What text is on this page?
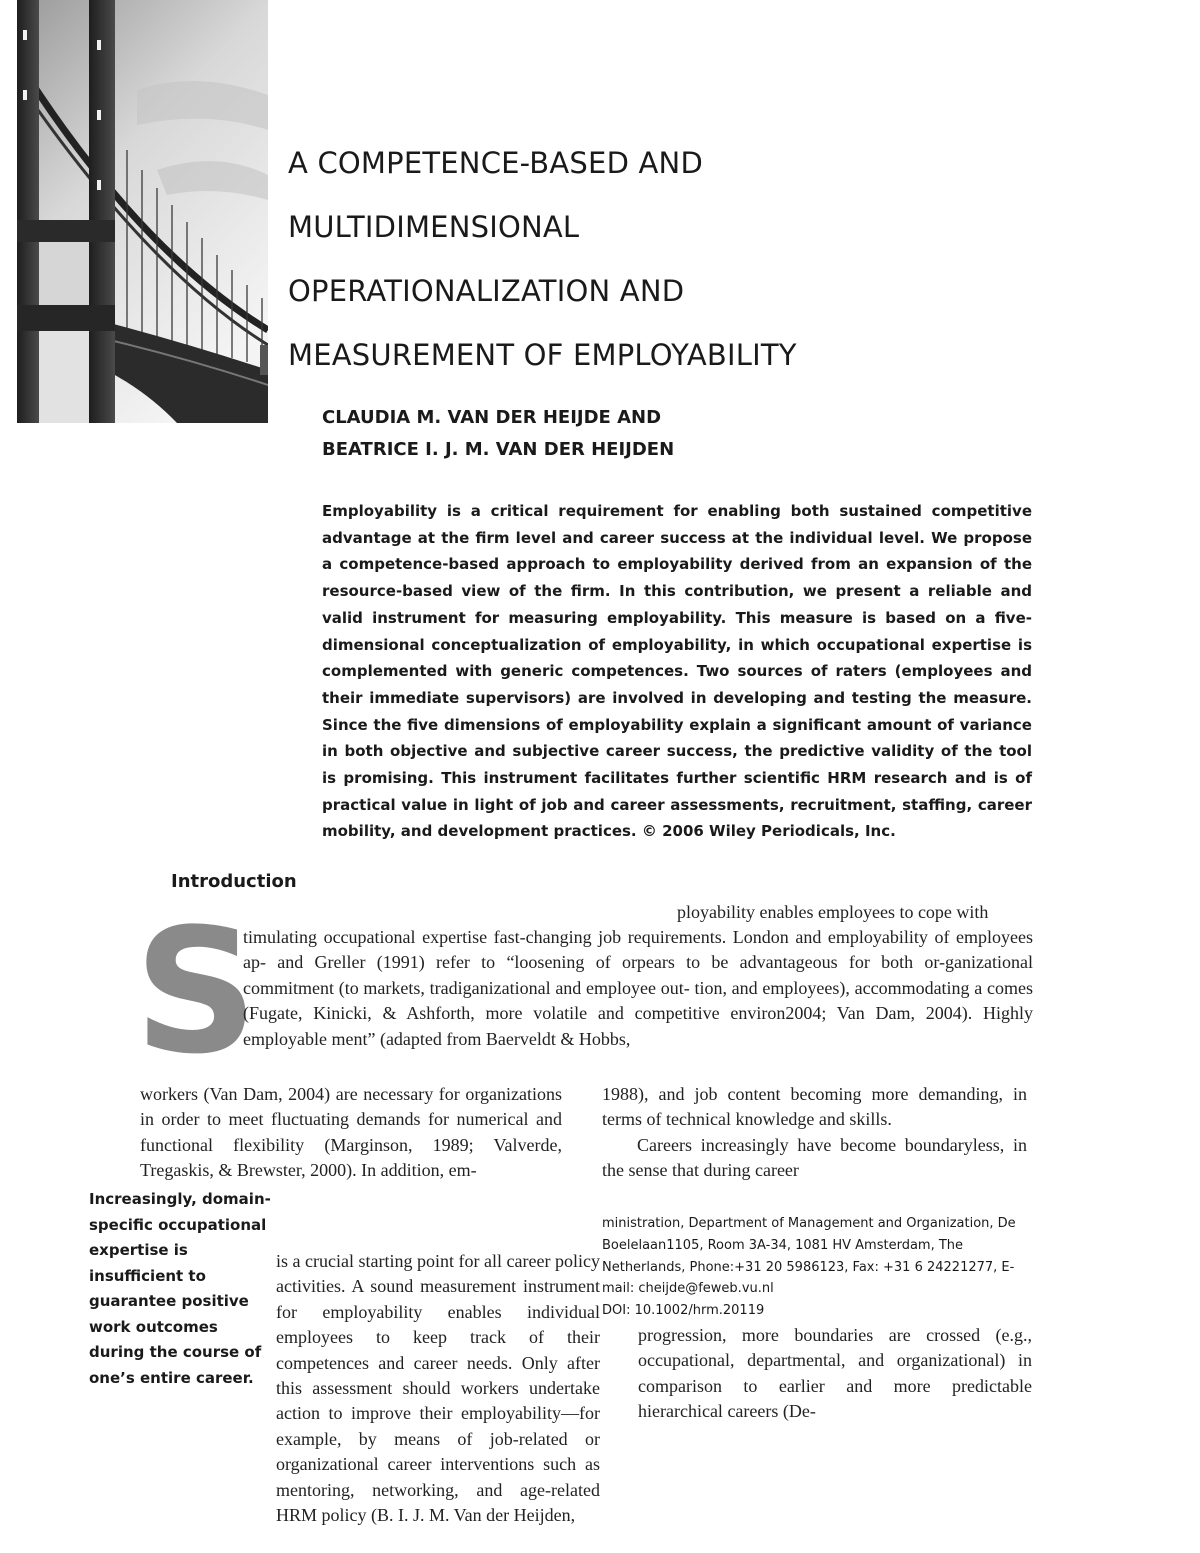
A COMPETENCE-BASED AND
MULTIDIMENSIONAL
OPERATIONALIZATION AND
MEASUREMENT OF EMPLOYABILITY
CLAUDIA M. VAN DER HEIJDE AND
BEATRICE I. J. M. VAN DER HEIJDEN
Employability is a critical requirement for enabling both sustained competitive advantage at the firm level and career success at the individual level. We propose a competence-based approach to employability derived from an expansion of the resource-based view of the firm. In this contribution, we present a reliable and valid instrument for measuring employability. This measure is based on a five-dimensional conceptualization of employability, in which occupational expertise is complemented with generic competences. Two sources of raters (employees and their immediate supervisors) are involved in developing and testing the measure. Since the five dimensions of employability explain a significant amount of variance in both objective and subjective career success, the predictive validity of the tool is promising. This instrument facilitates further scientific HRM research and is of practical value in light of job and career assessments, recruitment, staffing, career mobility, and development practices. © 2006 Wiley Periodicals, Inc.
Introduction
S	ployability enables employees to cope with
timulating occupational expertise fast-changing job requirements. London and employability of employees ap- and Greller (1991) refer to “loosening of orpears to be advantageous for both or-ganizational commitment (to markets, tradiganizational and employee out- tion, and employees), accommodating a comes (Fugate, Kinicki, & Ashforth, more volatile and competitive environ2004; Van Dam, 2004). Highly employable ment” (adapted from Baerveldt & Hobbs,
workers (Van Dam, 2004) are necessary for organizations in order to meet fluctuating demands for numerical and functional flexibility (Marginson, 1989; Valverde, Tregaskis, & Brewster, 2000). In addition, em-
1988), and job content becoming more demanding, in terms of technical knowledge and skills.
Careers increasingly have become boundaryless, in the sense that during career
Increasingly, domain-specific occupational expertise is insufficient to guarantee positive work outcomes during the course of one’s entire career.
is a crucial starting point for all career policy activities. A sound measurement instrument for employability enables individual employees to keep track of their competences and career needs. Only after this assessment should workers undertake action to improve their employability—for example, by means of job-related or organizational career interventions such as mentoring, networking, and age-related HRM policy (B. I. J. M. Van der Heijden,
ministration, Department of Management and Organization, De Boelelaan1105, Room 3A-34, 1081 HV Amsterdam, The Netherlands, Phone:+31 20 5986123, Fax: +31 6 24221277, E-mail: cheijde@feweb.vu.nl
DOI: 10.1002/hrm.20119
progression, more boundaries are crossed (e.g., occupational, departmental, and organizational) in comparison to earlier and more predictable hierarchical careers (De-
